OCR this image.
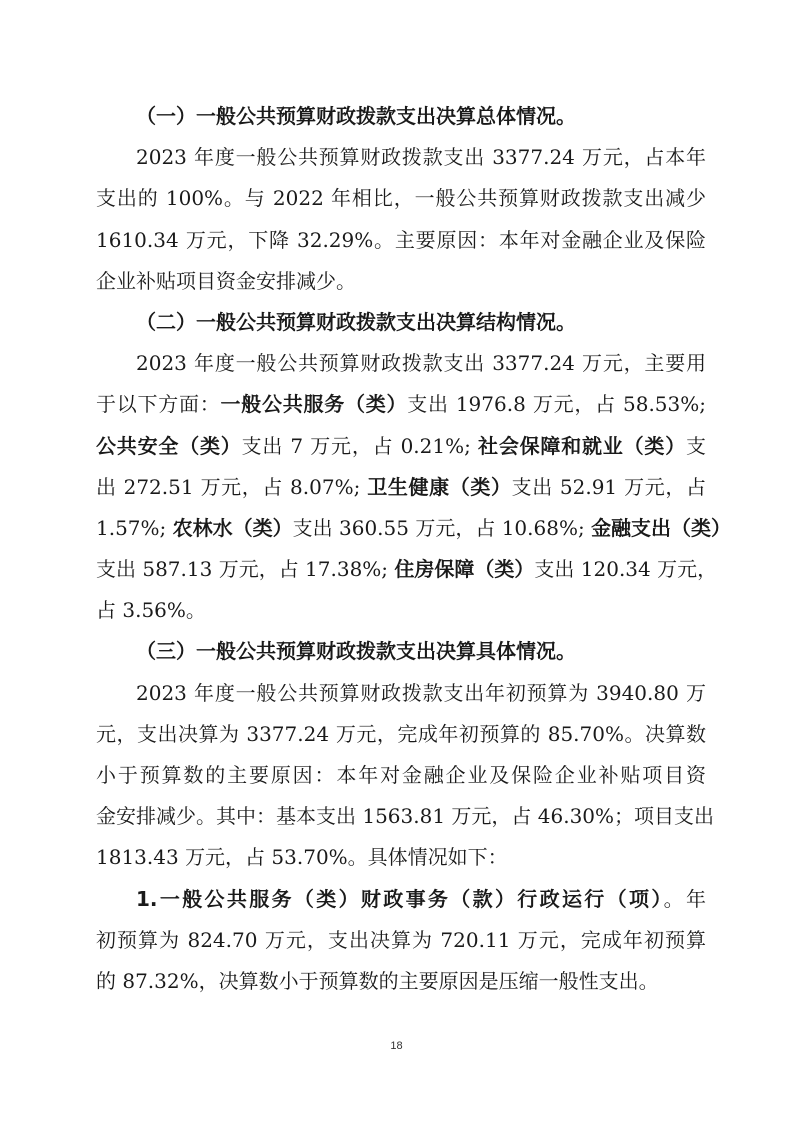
（一）一般公共预算财政拨款支出决算总体情况。
2023 年度一般公共预算财政拨款支出 3377.24 万元，占本年
支出的 100%。与 2022 年相比，一般公共预算财政拨款支出减少
1610.34 万元，下降 32.29%。主要原因：本年对金融企业及保险
企业补贴项目资金安排减少。
（二）一般公共预算财政拨款支出决算结构情况。
2023 年度一般公共预算财政拨款支出 3377.24 万元，主要用
于以下方面：一般公共服务（类）支出 1976.8 万元，占 58.53%;
公共安全（类）支出 7 万元，占 0.21%; 社会保障和就业（类）支
出 272.51 万元，占 8.07%; 卫生健康（类）支出 52.91 万元，占
1.57%; 农林水（类）支出 360.55 万元，占 10.68%; 金融支出（类）
支出 587.13 万元，占 17.38%; 住房保障（类）支出 120.34 万元，
占 3.56%。
（三）一般公共预算财政拨款支出决算具体情况。
2023 年度一般公共预算财政拨款支出年初预算为 3940.80 万
元，支出决算为 3377.24 万元，完成年初预算的 85.70%。决算数
小于预算数的主要原因：本年对金融企业及保险企业补贴项目资
金安排减少。其中：基本支出 1563.81 万元，占 46.30%；项目支出
1813.43 万元，占 53.70%。具体情况如下：
1.一般公共服务（类）财政事务（款）行政运行（项）。年
初预算为 824.70 万元，支出决算为 720.11 万元，完成年初预算
的 87.32%，决算数小于预算数的主要原因是压缩一般性支出。
18
